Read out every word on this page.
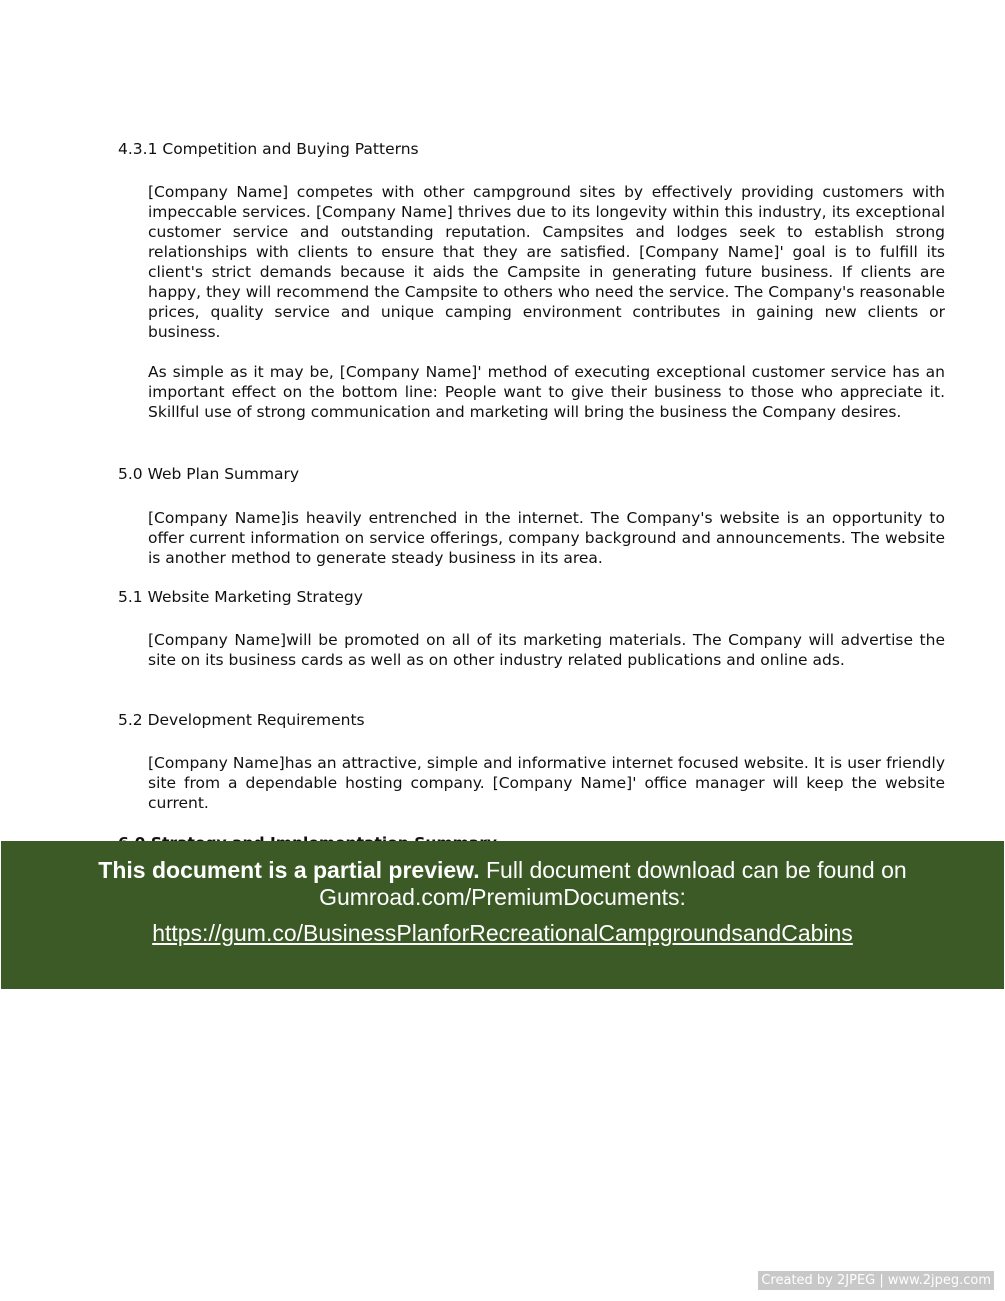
4.3.1 Competition and Buying Patterns

[Company Name] competes with other campground sites by effectively providing customers with impeccable services. [Company Name] thrives due to its longevity within this industry, its exceptional customer service and outstanding reputation. Campsites and lodges seek to establish strong relationships with clients to ensure that they are satisfied. [Company Name]' goal is to fulfill its client's strict demands because it aids the Campsite in generating future business. If clients are happy, they will recommend the Campsite to others who need the service. The Company's reasonable prices, quality service and unique camping environment contributes in gaining new clients or business.

As simple as it may be, [Company Name]' method of executing exceptional customer service has an important effect on the bottom line: People want to give their business to those who appreciate it. Skillful use of strong communication and marketing will bring the business the Company desires.

5.0 Web Plan Summary

[Company Name]is heavily entrenched in the internet. The Company's website is an opportunity to offer current information on service offerings, company background and announcements. The website is another method to generate steady business in its area.

5.1 Website Marketing Strategy

[Company Name]will be promoted on all of its marketing materials. The Company will advertise the site on its business cards as well as on other industry related publications and online ads.

5.2 Development Requirements

[Company Name]has an attractive, simple and informative internet focused website. It is user friendly site from a dependable hosting company. [Company Name]' office manager will keep the website current.

This document is a partial preview. Full document download can be found on Gumroad.com/PremiumDocuments:
https://gum.co/BusinessPlanforRecreationalCampgroundsandCabins
Created by 2JPEG | www.2jpeg.com
